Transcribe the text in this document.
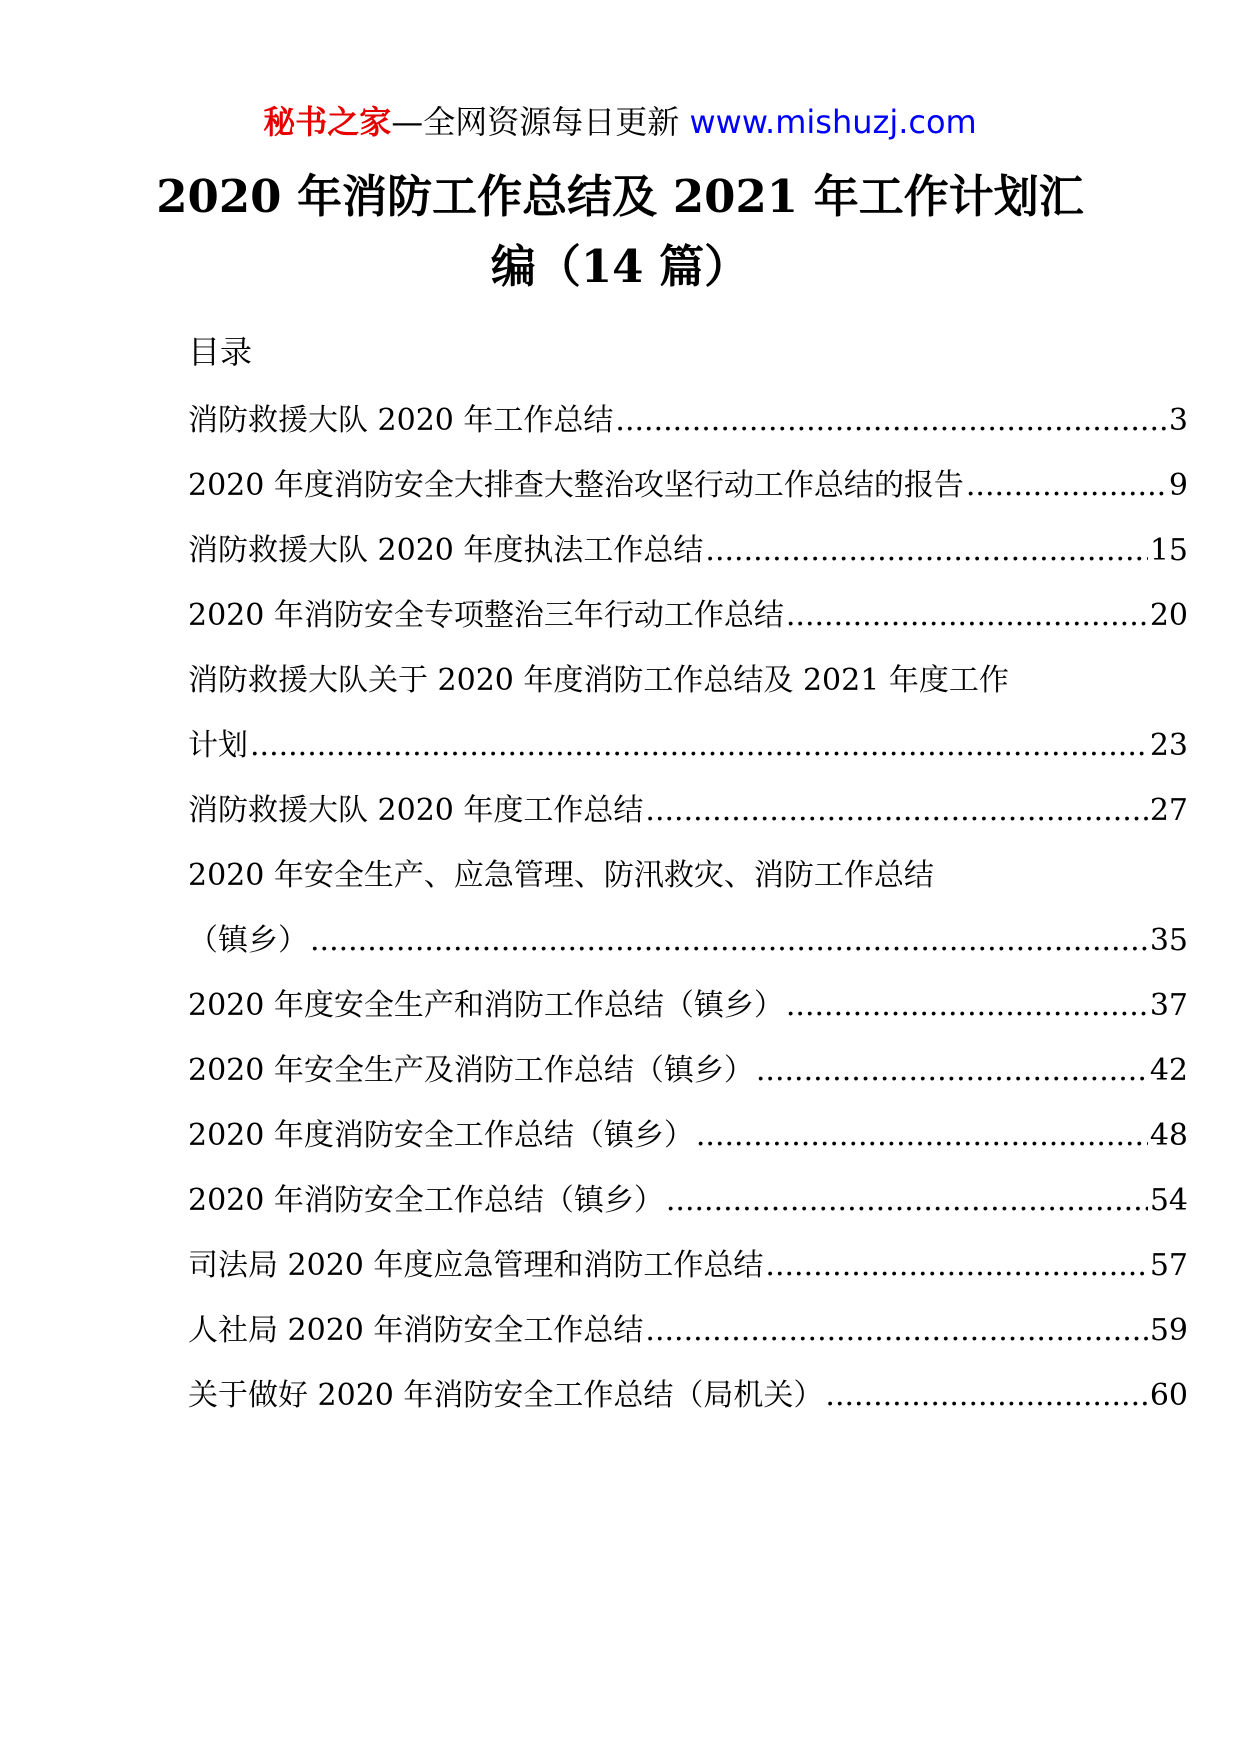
秘书之家—全网资源每日更新 www.mishuzj.com
2020 年消防工作总结及 2021 年工作计划汇
编（14 篇）
目录
消防救援大队 2020 年工作总结 .....	3
2020 年度消防安全大排查大整治攻坚行动工作总结的报告 .....	9
消防救援大队 2020 年度执法工作总结 .....	15
2020 年消防安全专项整治三年行动工作总结 .....	20
消防救援大队关于 2020 年度消防工作总结及 2021 年度工作
计划 .....	23
消防救援大队 2020 年度工作总结 .....	27
2020 年安全生产、应急管理、防汛救灾、消防工作总结
（镇乡） .....	35
2020 年度安全生产和消防工作总结（镇乡） .....	37
2020 年安全生产及消防工作总结（镇乡） .....	42
2020 年度消防安全工作总结（镇乡） .....	48
2020 年消防安全工作总结（镇乡） .....	54
司法局 2020 年度应急管理和消防工作总结 .....	57
人社局 2020 年消防安全工作总结 .....	59
关于做好 2020 年消防安全工作总结（局机关） .....	60
